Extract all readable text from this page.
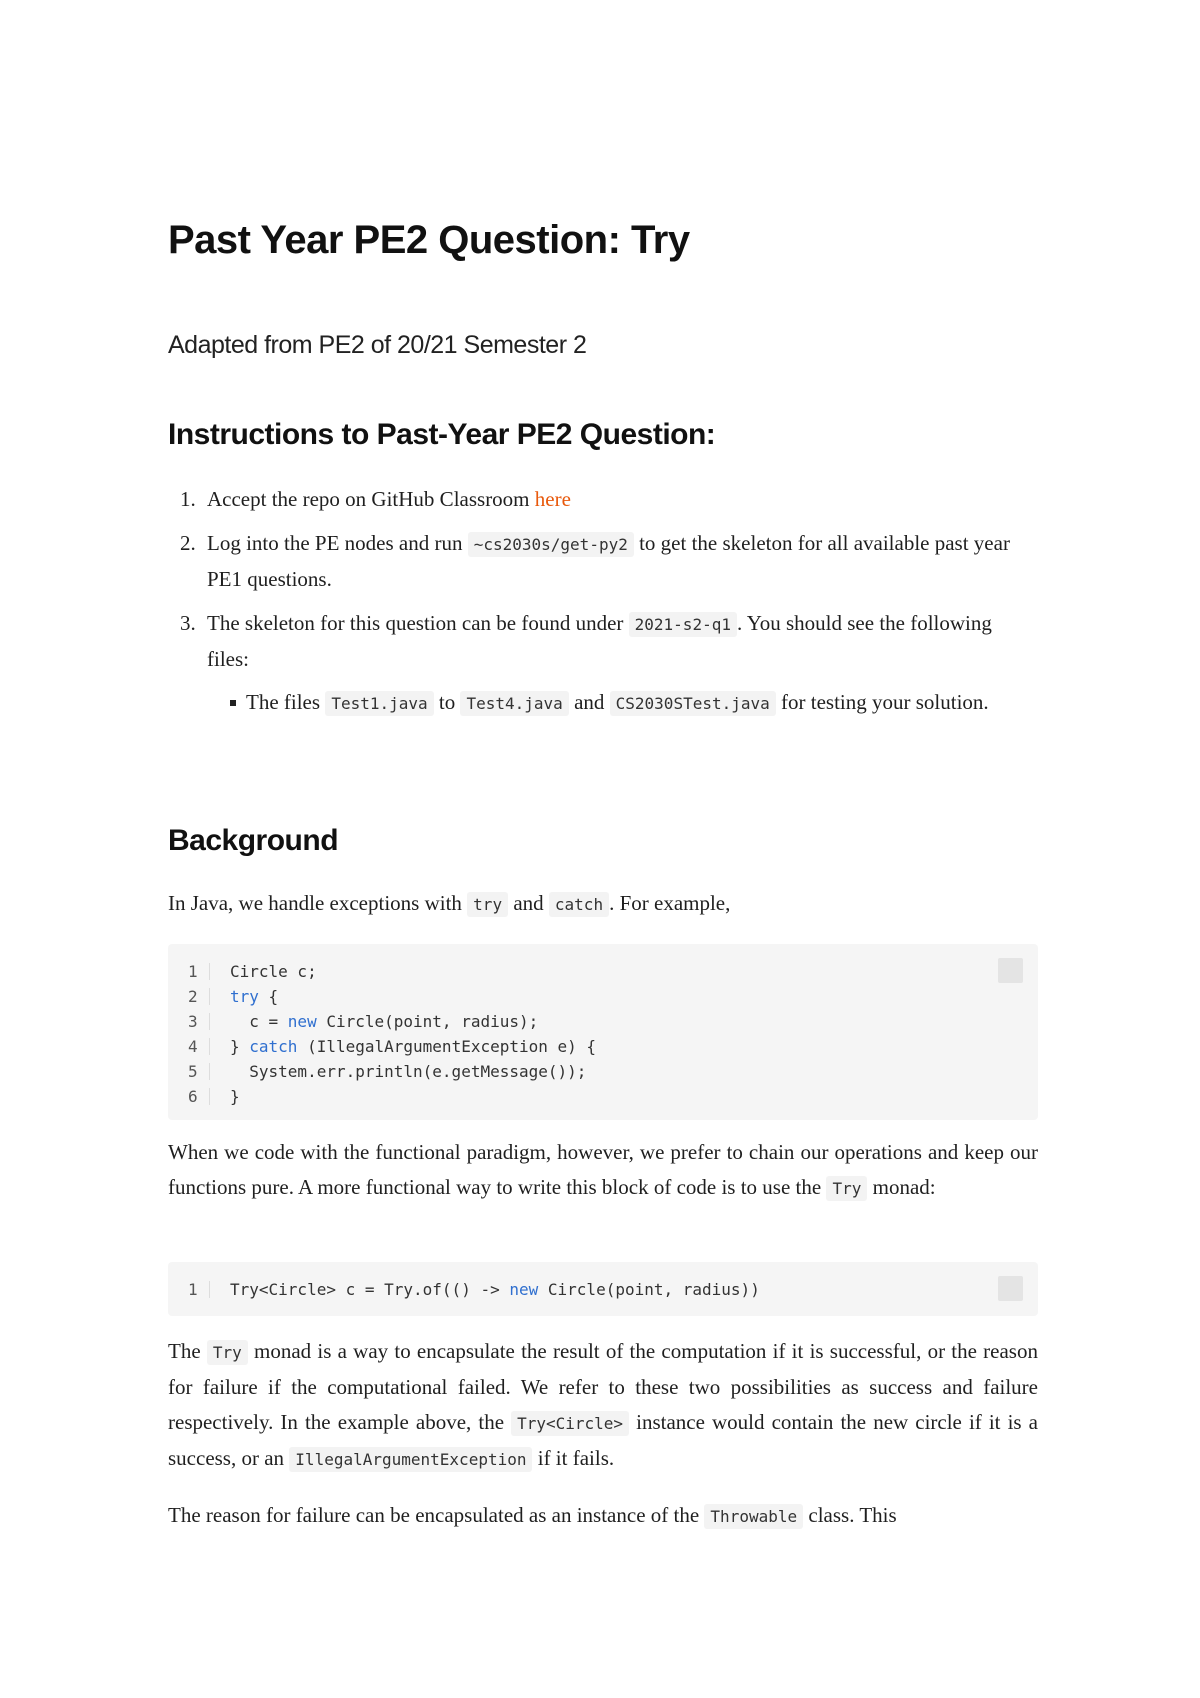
Past Year PE2 Question: Try

Adapted from PE2 of 20/21 Semester 2

Instructions to Past-Year PE2 Question:
1. Accept the repo on GitHub Classroom here
2. Log into the PE nodes and run ~cs2030s/get-py2 to get the skeleton for all available past year PE1 questions.
3. The skeleton for this question can be found under 2021-s2-q1 . You should see the following files:
The files Test1.java to Test4.java and CS2030STest.java for testing your solution.
Background

In Java, we handle exceptions with try and catch . For example,

1	Circle c;
2	try {
3	c = new Circle(point, radius);
4	} catch (IllegalArgumentException e) {
5	System.err.println(e.getMessage());
6	}

When we code with the functional paradigm, however, we prefer to chain our operations and keep our functions pure. A more functional way to write this block of code is to use the Try monad:

1	Try<Circle> c = Try.of(() -> new Circle(point, radius))

The Try monad is a way to encapsulate the result of the computation if it is successful, or the reason for failure if the computational failed. We refer to these two possibilities as success and failure respectively. In the example above, the Try<Circle> instance would contain the new circle if it is a success, or an IllegalArgumentException if it fails.

The reason for failure can be encapsulated as an instance of the Throwable class. This
